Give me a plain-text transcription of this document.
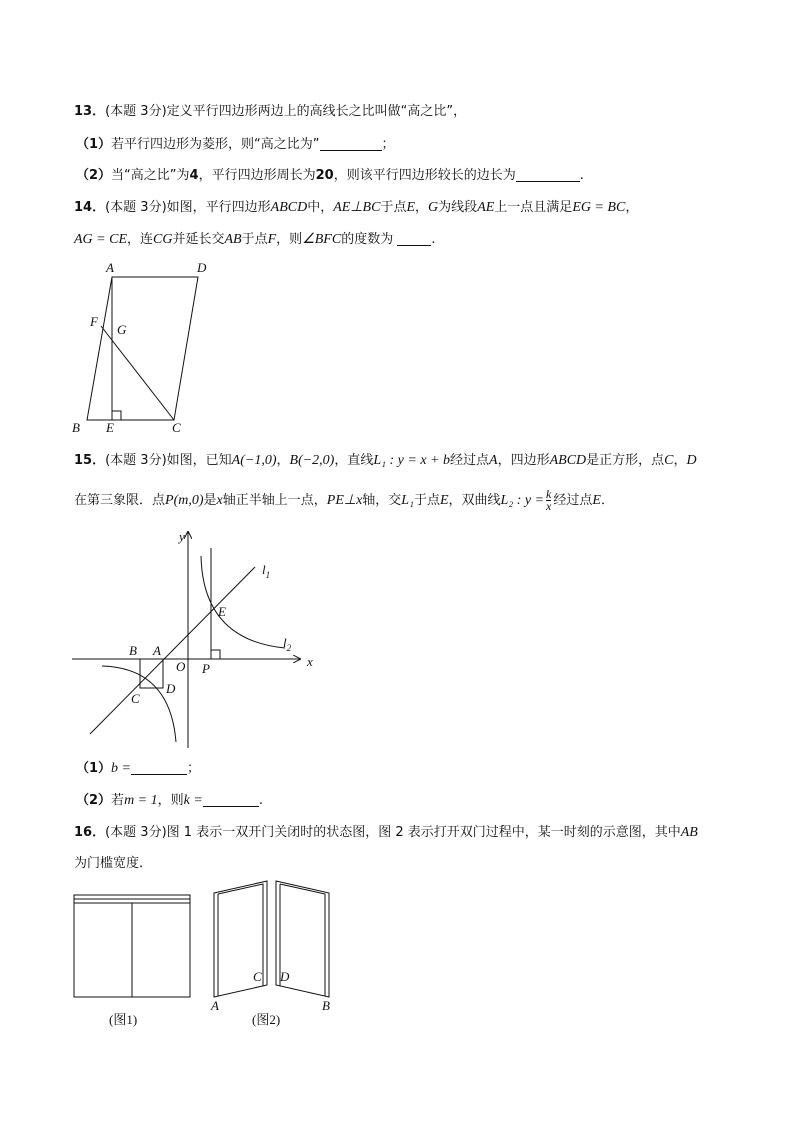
13．(本题 3分)定义平行四边形两边上的高线长之比叫做“高之比”，
（1）若平行四边形为菱形，则“高之比为”	；
（2）当“高之比”为4，平行四边形周长为20，则该平行四边形较长的边长为	.
14．(本题 3分)如图，平行四边形ABCD中，AE⊥BC于点E，G为线段AE上一点且满足EG = BC，
AG = CE，连CG并延长交AB于点F，则∠BFC的度数为	.
A	D
F
G
B E	C
15．(本题 3分)如图，已知A(−1,0)，B(−2,0)，直线L₁ : y = x + b经过点A，四边形ABCD是正方形，点C，D
在第三象限．点P(m,0)是x轴正半轴上一点，PE⊥x轴，交L₁于点E，双曲线L₂ : $y = \frac{k}{x}$ 经过点E．
y
x
$l_1$
$l_2$
E
B A
O P
C
D
（1）b =	；
（2）若m = 1，则k =	.
16．(本题 3分)图 1 表示一双开门关闭时的状态图，图 2 表示打开双门过程中，某一时刻的示意图，其中AB
为门槛宽度．
C D
A	B
(图1)	(图2)
